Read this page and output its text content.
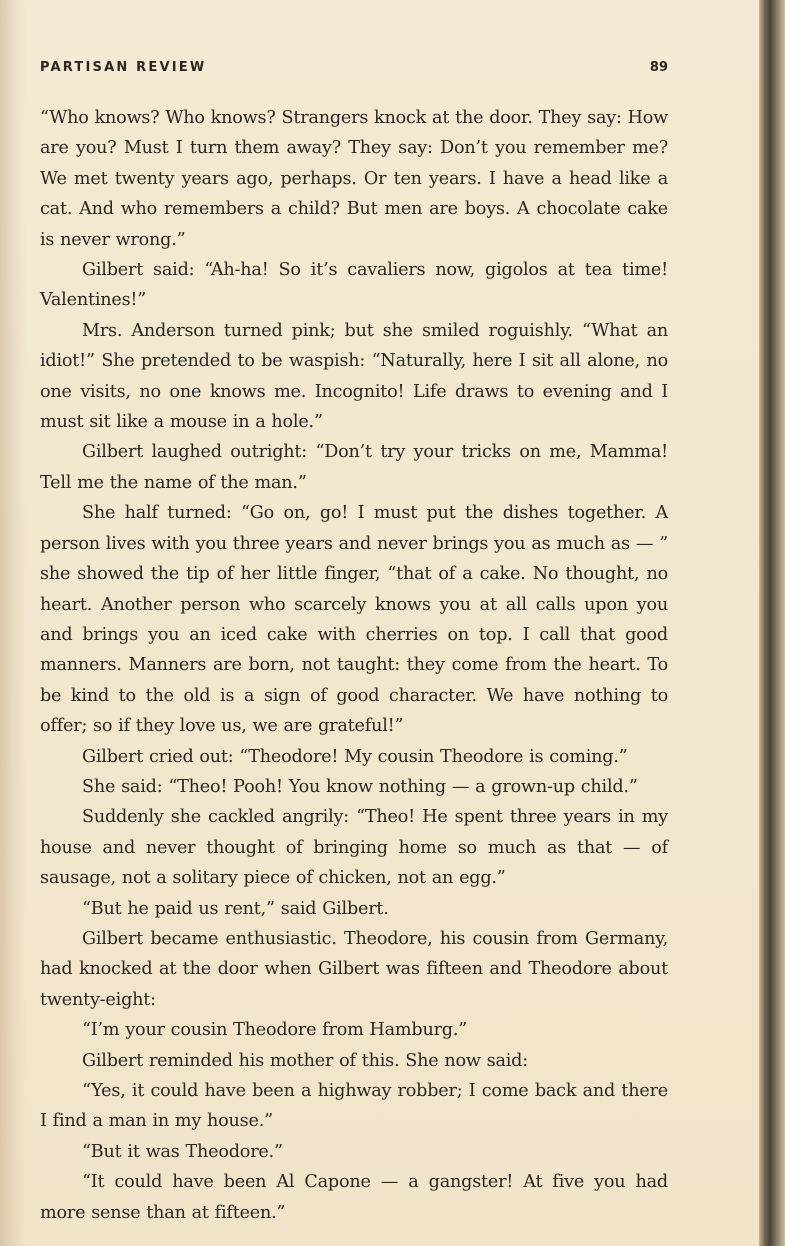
PARTISAN REVIEW	89

“Who knows? Who knows? Strangers knock at the door. They say: How are you? Must I turn them away? They say: Don’t you remember me? We met twenty years ago, perhaps. Or ten years. I have a head like a cat. And who remembers a child? But men are boys. A chocolate cake is never wrong.”

Gilbert said: “Ah-ha! So it’s cavaliers now, gigolos at tea time! Valentines!”

Mrs. Anderson turned pink; but she smiled roguishly. “What an idiot!” She pretended to be waspish: “Naturally, here I sit all alone, no one visits, no one knows me. Incognito! Life draws to evening and I must sit like a mouse in a hole.”

Gilbert laughed outright: “Don’t try your tricks on me, Mamma! Tell me the name of the man.”

She half turned: “Go on, go! I must put the dishes together. A person lives with you three years and never brings you as much as — ” she showed the tip of her little finger, “that of a cake. No thought, no heart. Another person who scarcely knows you at all calls upon you and brings you an iced cake with cherries on top. I call that good manners. Manners are born, not taught: they come from the heart. To be kind to the old is a sign of good character. We have nothing to offer; so if they love us, we are grateful!”

Gilbert cried out: “Theodore! My cousin Theodore is coming.”

She said: “Theo! Pooh! You know nothing — a grown-up child.”

Suddenly she cackled angrily: “Theo! He spent three years in my house and never thought of bringing home so much as that — of sausage, not a solitary piece of chicken, not an egg.”

“But he paid us rent,” said Gilbert.

Gilbert became enthusiastic. Theodore, his cousin from Germany, had knocked at the door when Gilbert was fifteen and Theodore about twenty-eight:

“I’m your cousin Theodore from Hamburg.”

Gilbert reminded his mother of this. She now said:

“Yes, it could have been a highway robber; I come back and there I find a man in my house.”

“But it was Theodore.”

“It could have been Al Capone — a gangster! At five you had more sense than at fifteen.”
